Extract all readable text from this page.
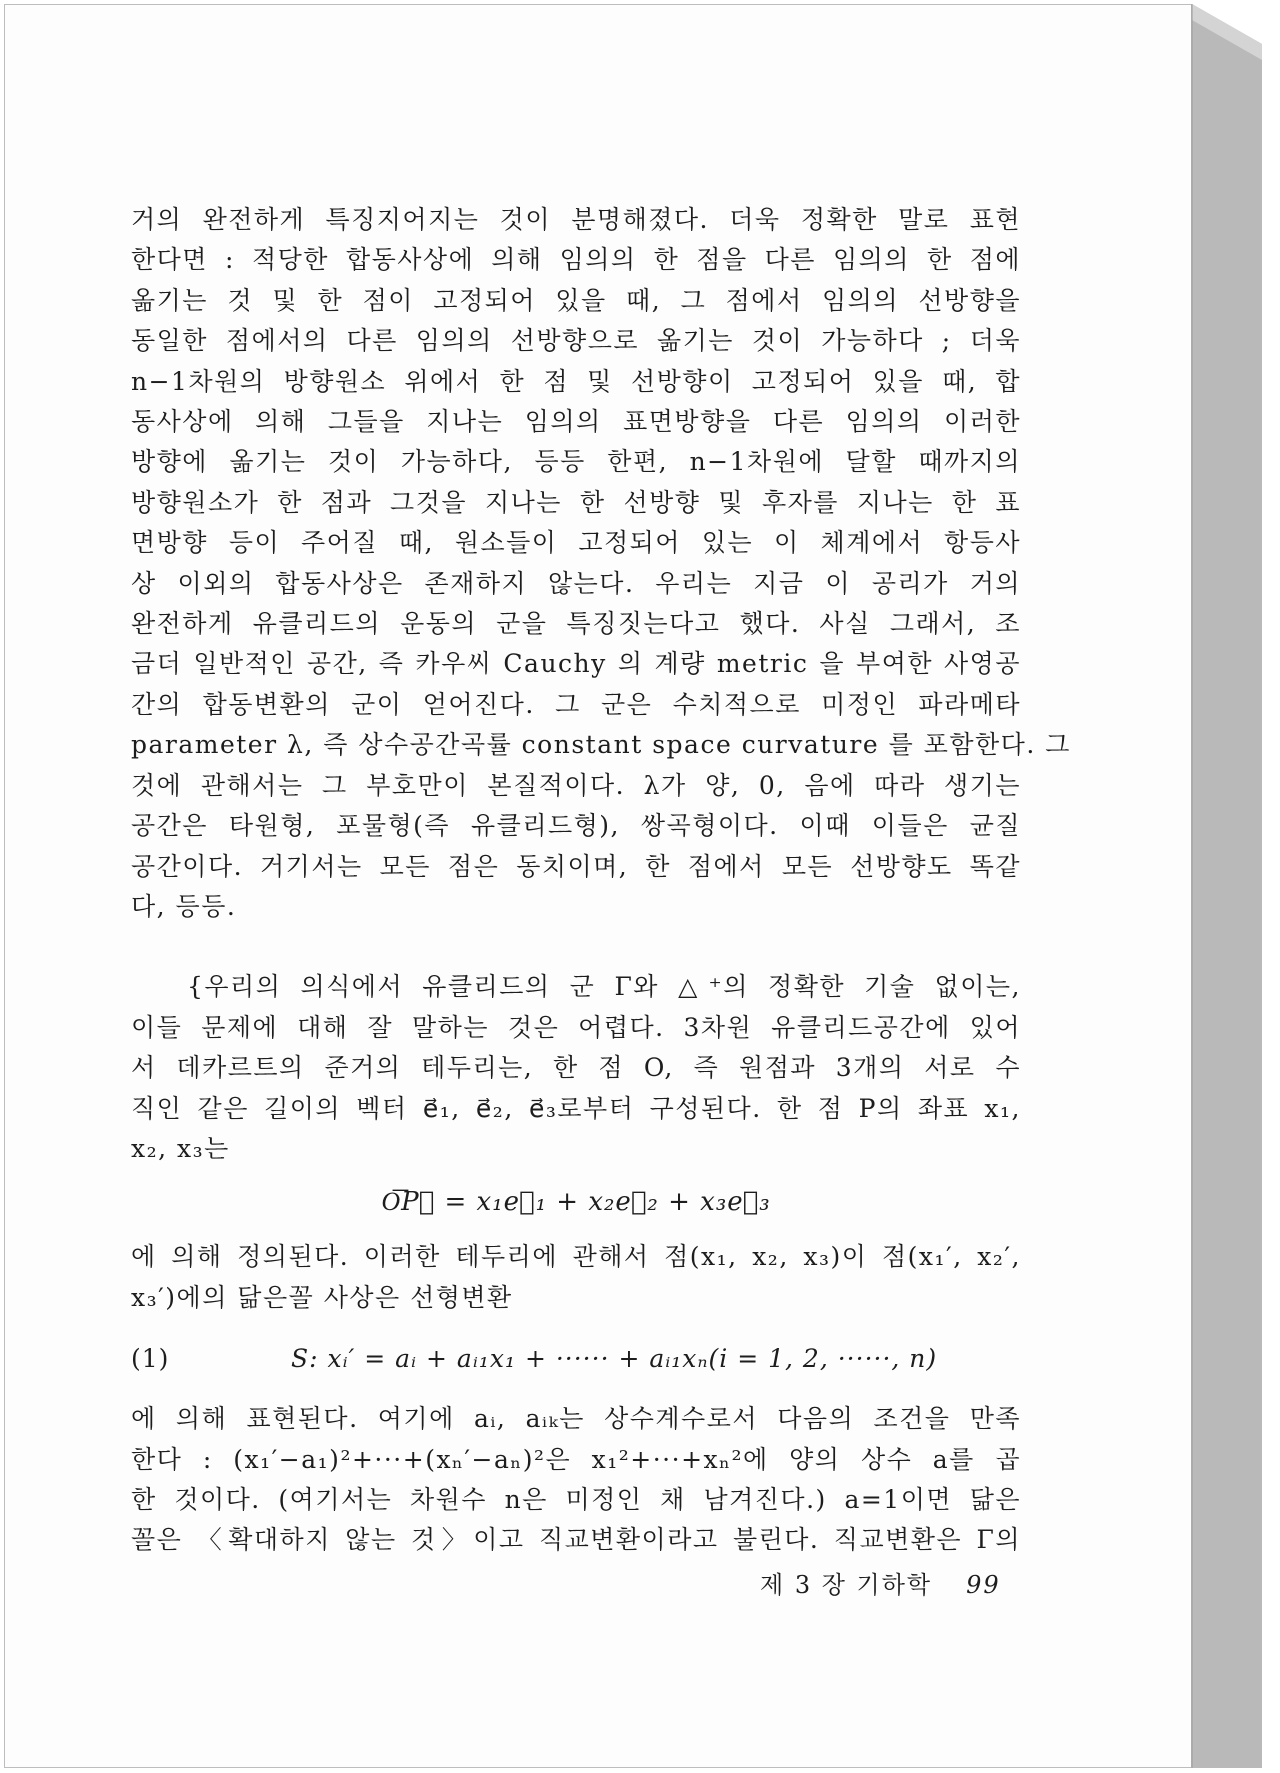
거의 완전하게 특징지어지는 것이 분명해졌다. 더욱 정확한 말로 표현
한다면 : 적당한 합동사상에 의해 임의의 한 점을 다른 임의의 한 점에
옮기는 것 및 한 점이 고정되어 있을 때, 그 점에서 임의의 선방향을
동일한 점에서의 다른 임의의 선방향으로 옮기는 것이 가능하다 ; 더욱
n−1차원의 방향원소 위에서 한 점 및 선방향이 고정되어 있을 때, 합
동사상에 의해 그들을 지나는 임의의 표면방향을 다른 임의의 이러한
방향에 옮기는 것이 가능하다, 등등 한편, n−1차원에 달할 때까지의
방향원소가 한 점과 그것을 지나는 한 선방향 및 후자를 지나는 한 표
면방향 등이 주어질 때, 원소들이 고정되어 있는 이 체계에서 항등사
상 이외의 합동사상은 존재하지 않는다. 우리는 지금 이 공리가 거의
완전하게 유클리드의 운동의 군을 특징짓는다고 했다. 사실 그래서, 조
금더 일반적인 공간, 즉 카우씨 Cauchy 의 계량 metric 을 부여한 사영공
간의 합동변환의 군이 얻어진다. 그 군은 수치적으로 미정인 파라메타
parameter λ, 즉 상수공간곡률 constant space curvature 를 포함한다. 그
것에 관해서는 그 부호만이 본질적이다. λ가 양, 0, 음에 따라 생기는
공간은 타원형, 포물형(즉 유클리드형), 쌍곡형이다. 이때 이들은 균질
공간이다. 거기서는 모든 점은 동치이며, 한 점에서 모든 선방향도 똑같
다, 등등.
{우리의 의식에서 유클리드의 군 Γ와 △⁺의 정확한 기술 없이는,
이들 문제에 대해 잘 말하는 것은 어렵다. 3차원 유클리드공간에 있어
서 데카르트의 준거의 테두리는, 한 점 O, 즉 원점과 3개의 서로 수
직인 같은 길이의 벡터 e⃗₁, e⃗₂, e⃗₃로부터 구성된다. 한 점 P의 좌표 x₁,
x₂, x₃는
O͞P⃗ = x₁e⃗₁ + x₂e⃗₂ + x₃e⃗₃
에 의해 정의된다. 이러한 테두리에 관해서 점(x₁, x₂, x₃)이 점(x₁′, x₂′,
x₃′)에의 닮은꼴 사상은 선형변환
(1)	S: xᵢ′ = aᵢ + aᵢ₁x₁ + ······ + aᵢ₁xₙ(i = 1, 2, ······, n)
에 의해 표현된다. 여기에 aᵢ, aᵢₖ는 상수계수로서 다음의 조건을 만족
한다 : (x₁′−a₁)²+···+(xₙ′−aₙ)²은 x₁²+···+xₙ²에 양의 상수 a를 곱
한 것이다. (여기서는 차원수 n은 미정인 채 남겨진다.) a=1이면 닮은
꼴은 〈확대하지 않는 것〉이고 직교변환이라고 불린다. 직교변환은 Γ의
제 3 장 기하학 99
